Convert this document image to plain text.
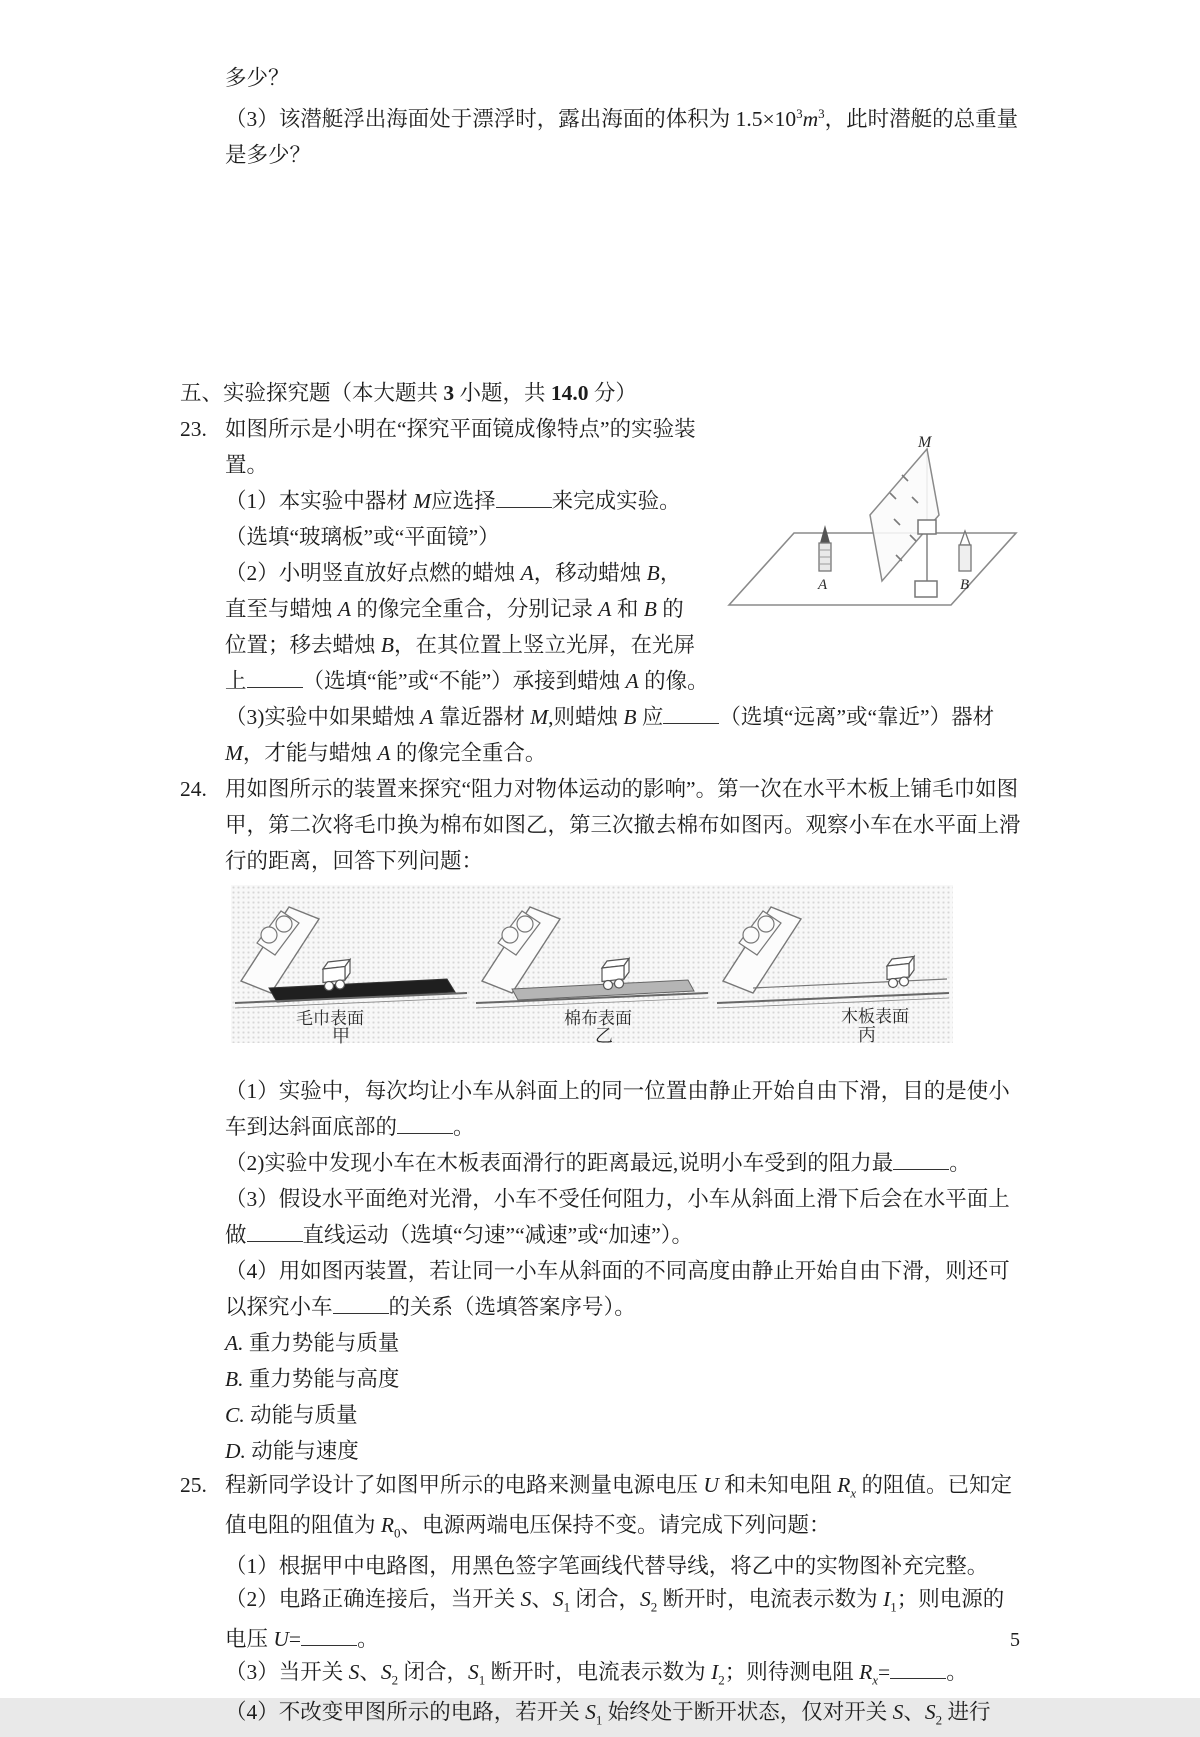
多少？

（3）该潜艇浮出海面处于漂浮时，露出海面的体积为 $1.5\times 10^3m^3$，此时潜艇的总重量是多少？

五、实验探究题（本大题共 3 小题，共 14.0 分）

23.
M
A	B

如图所示是小明在“探究平面镜成像特点”的实验装置。

（1）本实验中器材 M应选择	来完成实验。（选填“玻璃板”或“平面镜”）

（2）小明竖直放好点燃的蜡烛 A，移动蜡烛 B，直至与蜡烛 A 的像完全重合，分别记录 A 和 B 的位置；移去蜡烛 B，在其位置上竖立光屏，在光屏上	（选填“能”或“不能”）承接到蜡烛 A 的像。

（3)实验中如果蜡烛 A 靠近器材 M,则蜡烛 B 应	（选填“远离”或“靠近”）器材 M，才能与蜡烛 A 的像完全重合。

24. 用如图所示的装置来探究“阻力对物体运动的影响”。第一次在水平木板上铺毛巾如图甲，第二次将毛巾换为棉布如图乙，第三次撤去棉布如图丙。观察小车在水平面上滑行的距离，回答下列问题：

毛巾表面
甲
棉布表面
乙
木板表面
丙

（1）实验中，每次均让小车从斜面上的同一位置由静止开始自由下滑，目的是使小车到达斜面底部的	。

（2)实验中发现小车在木板表面滑行的距离最远,说明小车受到的阻力最	。

（3）假设水平面绝对光滑，小车不受任何阻力，小车从斜面上滑下后会在水平面上做	直线运动（选填“匀速”“减速”或“加速”）。

（4）用如图丙装置，若让同一小车从斜面的不同高度由静止开始自由下滑，则还可以探究小车	的关系（选填答案序号）。

A. 重力势能与质量

B. 重力势能与高度

C. 动能与质量

D. 动能与速度

25. 程新同学设计了如图甲所示的电路来测量电源电压 U 和未知电阻 $R_x$ 的阻值。已知定值电阻的阻值为 $R_0$、电源两端电压保持不变。请完成下列问题：

（1）根据甲中电路图，用黑色签字笔画线代替导线，将乙中的实物图补充完整。

（2）电路正确连接后，当开关 S、$S_1$ 闭合，$S_2$ 断开时，电流表示数为 $I_1$；则电源的电压 U=	。

（3）当开关 S、$S_2$ 闭合，$S_1$ 断开时，电流表示数为 $I_2$；则待测电阻 $R_x=$	。

（4）不改变甲图所示的电路，若开关 $S_1$ 始终处于断开状态，仅对开关 S、$S_2$ 进行

5
